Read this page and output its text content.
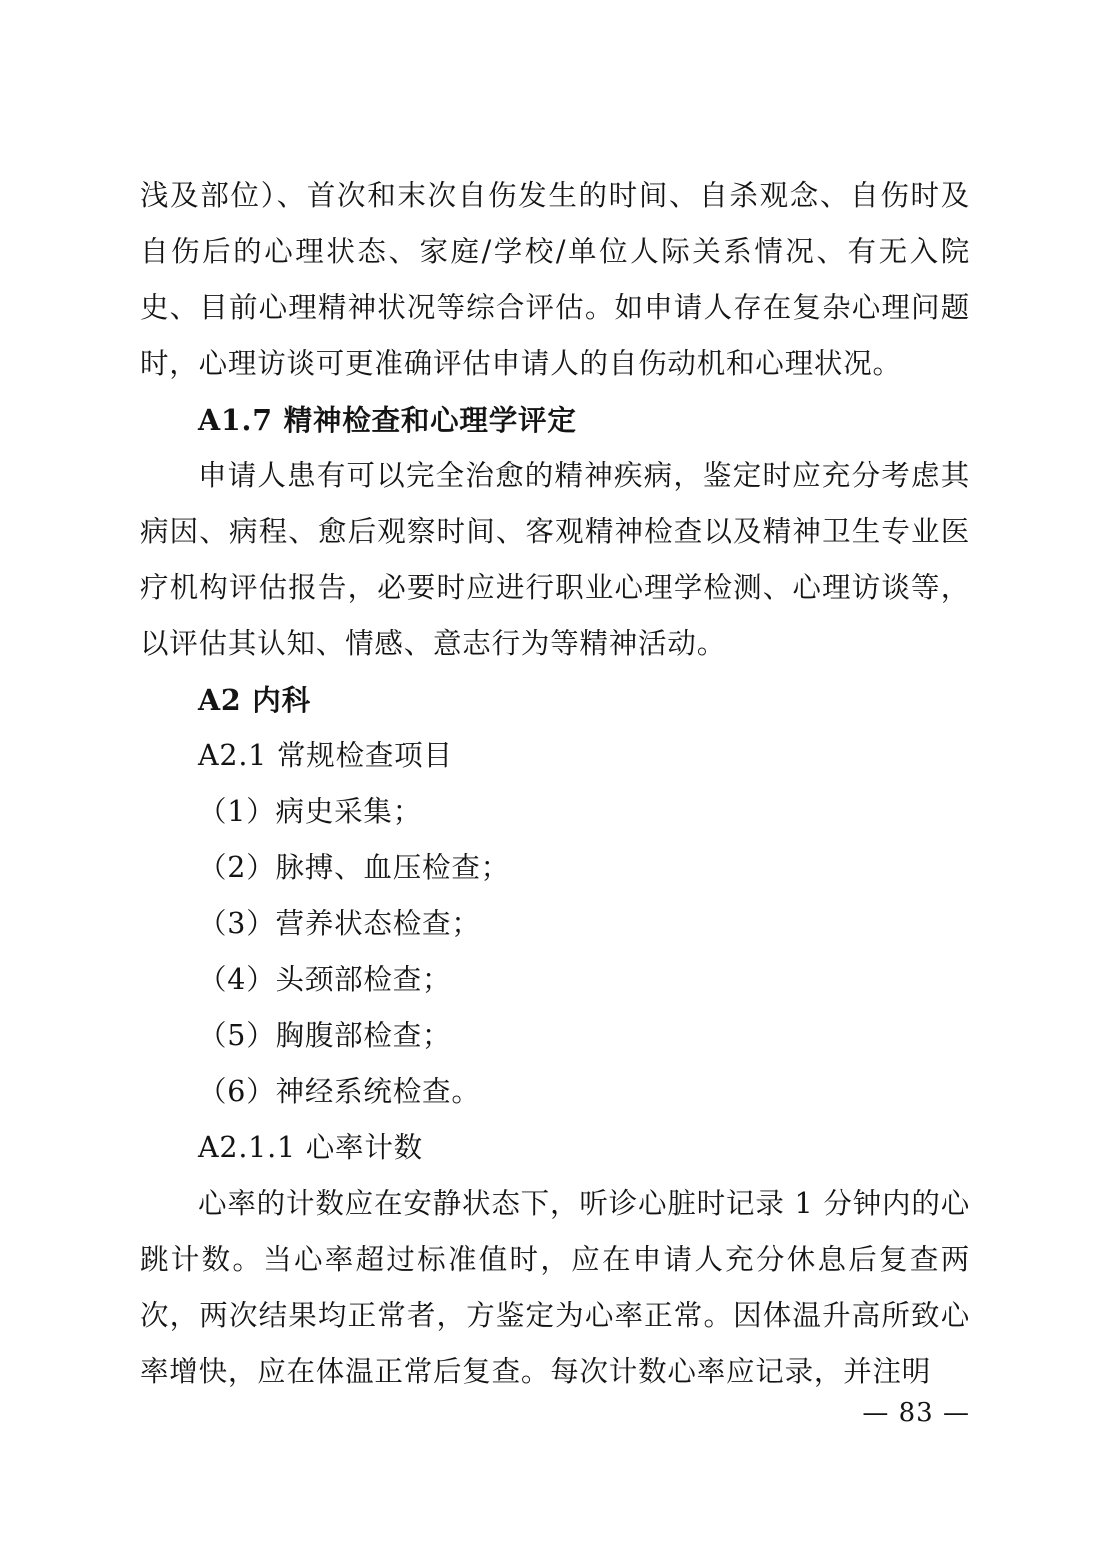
浅及部位）、首次和末次自伤发生的时间、自杀观念、自伤时及自伤后的心理状态、家庭/学校/单位人际关系情况、有无入院史、目前心理精神状况等综合评估。如申请人存在复杂心理问题时，心理访谈可更准确评估申请人的自伤动机和心理状况。

A1.7 精神检查和心理学评定

申请人患有可以完全治愈的精神疾病，鉴定时应充分考虑其病因、病程、愈后观察时间、客观精神检查以及精神卫生专业医疗机构评估报告，必要时应进行职业心理学检测、心理访谈等，以评估其认知、情感、意志行为等精神活动。

A2 内科
A2.1 常规检查项目

（1）病史采集；

（2）脉搏、血压检查；

（3）营养状态检查；

（4）头颈部检查；

（5）胸腹部检查；

（6）神经系统检查。

A2.1.1 心率计数

心率的计数应在安静状态下，听诊心脏时记录 1 分钟内的心跳计数。当心率超过标准值时，应在申请人充分休息后复查两次，两次结果均正常者，方鉴定为心率正常。因体温升高所致心率增快，应在体温正常后复查。每次计数心率应记录，并注明

— 83 —
